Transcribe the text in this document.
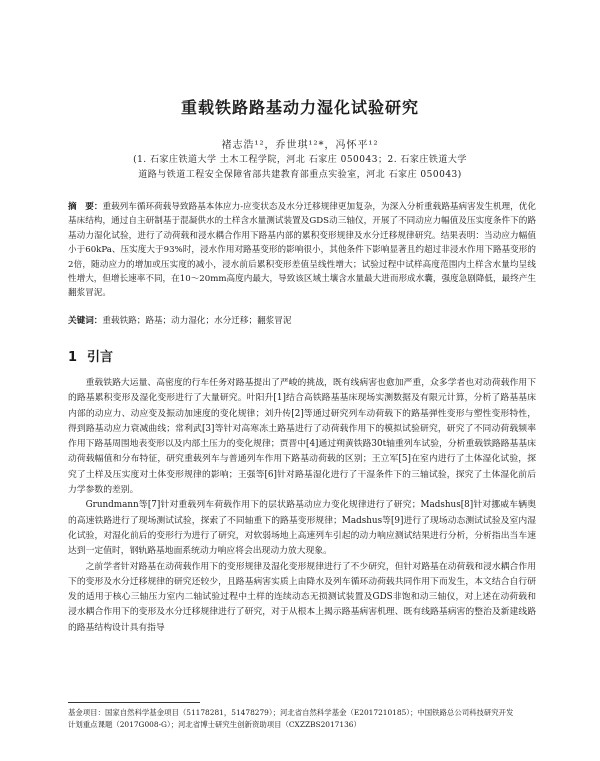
重载铁路路基动力湿化试验研究
褚志浩¹²，乔世琪¹²*，冯怀平¹²
(1. 石家庄铁道大学 土木工程学院，河北 石家庄 050043；2. 石家庄铁道大学
道路与铁道工程安全保障省部共建教育部重点实验室，河北 石家庄 050043)
摘　要：重载列车循环荷载导致路基本体应力-应变状态及水分迁移规律更加复杂，为深入分析重载路基病害发生机理，优化基床结构，通过自主研制基于混凝供水的土样含水量测试装置及GDS动三轴仪，开展了不同动应力幅值及压实度条件下的路基动力湿化试验，进行了动荷载和浸水耦合作用下路基内部的累积变形规律及水分迁移规律研究。结果表明：当动应力幅值小于60kPa、压实度大于93%时，浸水作用对路基变形的影响很小，其他条件下影响显著且约超过非浸水作用下路基变形的2倍，随动应力的增加或压实度的减小，浸水前后累积变形差值呈线性增大；试验过程中试样高度范围内土样含水量均呈线性增大，但增长速率不同，在10～20mm高度内最大，导致该区域土壤含水量最大进而形成水囊，强度急剧降低，最终产生翻浆冒泥。
关键词：重载铁路；路基；动力湿化；水分迁移；翻浆冒泥
1 引言

重载铁路大运量、高密度的行车任务对路基提出了严峻的挑战，既有线病害也愈加严重，众多学者也对动荷载作用下的路基累积变形及湿化变形进行了大量研究。叶阳升[1]结合高铁路基基床现场实测数据及有限元计算，分析了路基基床内部的动应力、动应变及振动加速度的变化规律；刘升传[2]等通过研究列车动荷载下的路基弹性变形与塑性变形特性，得到路基动应力衰减曲线；常利武[3]等针对高寒冻土路基进行了动荷载作用下的模拟试验研究，研究了不同动荷载频率作用下路基周围地表变形以及内部土压力的变化规律；贾晋中[4]通过朔黄铁路30t轴重列车试验，分析重载铁路路基基床动荷载幅值和分布特征，研究重载列车与普通列车作用下路基动荷载的区别；王立军[5]在室内进行了土体湿化试验，探究了土样及压实度对土体变形规律的影响；王强等[6]针对路基湿化进行了干湿条件下的三轴试验，探究了土体湿化前后力学参数的差别。

Grundmann等[7]针对重载列车荷载作用下的层状路基动应力变化规律进行了研究；Madshus[8]针对挪威车辆奥的高速铁路进行了现场测试试验，探索了不同轴重下的路基变形规律；Madshus等[9]进行了现场动态测试试验及室内湿化试验，对湿化前后的变形行为进行了研究，对软弱场地上高速列车引起的动力响应测试结果进行分析，分析指出当车速达到一定值时，钢轨路基地面系统动力响应将会出现动力放大现象。

之前学者针对路基在动荷载作用下的变形规律及湿化变形规律进行了不少研究，但针对路基在动荷载和浸水耦合作用下的变形及水分迁移规律的研究还较少，且路基病害实质上由降水及列车循环动荷载共同作用下而发生，本文结合自行研发的适用于核心三轴压力室内二轴试验过程中土样的连续动态无损测试装置及GDS非饱和动三轴仪，对上述在动荷载和浸水耦合作用下的变形及水分迁移规律进行了研究，对于从根本上揭示路基病害机理、既有线路基病害的整治及新建线路的路基结构设计具有指导

基金项目：国家自然科学基金项目（51178281，51478279）；河北省自然科学基金（E2017210185）；中国铁路总公司科技研究开发
计划重点课题（2017G008-G）；河北省博士研究生创新资助项目（CXZZBS2017136）
